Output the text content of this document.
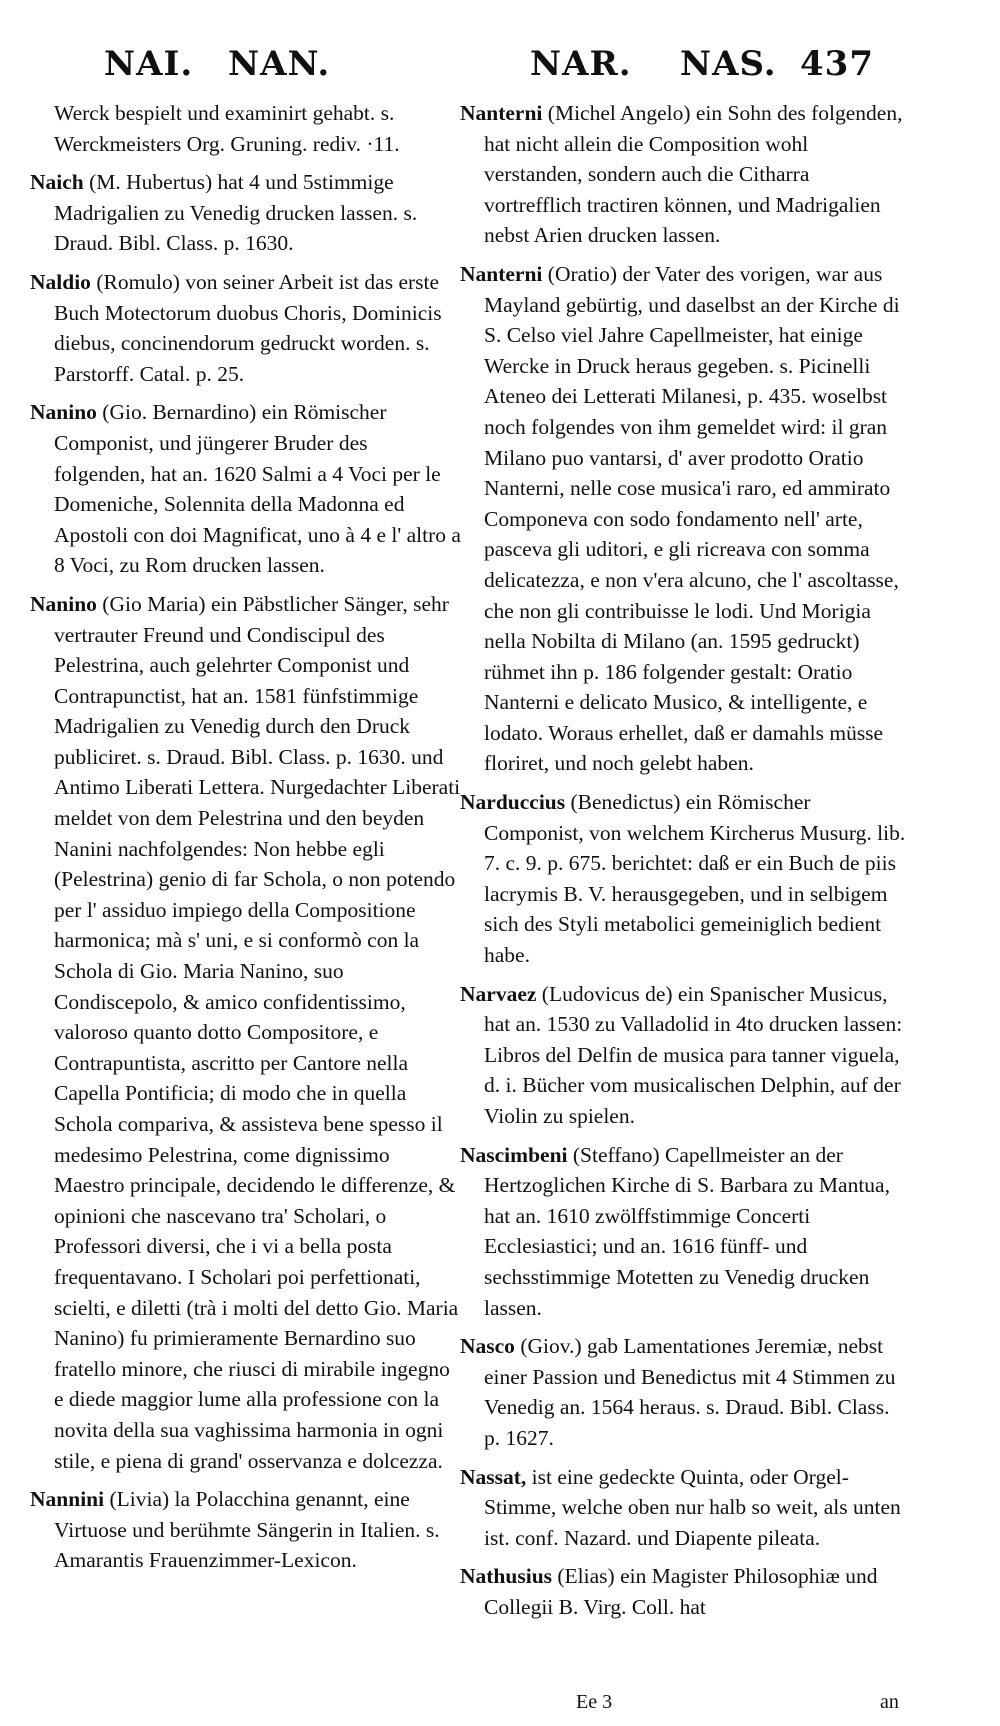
NAI. NAN.	NAR. NAS. 437

Werck bespielt und examinirt gehabt. s. Werckmeisters Org. Gruning. rediv. ·11.

Naich (M. Hubertus) hat 4 und 5stimmige Madrigalien zu Venedig drucken lassen. s. Draud. Bibl. Class. p. 1630.

Naldio (Romulo) von seiner Arbeit ist das erste Buch Motectorum duobus Choris, Dominicis diebus, concinendorum gedruckt worden. s. Parstorff. Catal. p. 25.

Nanino (Gio. Bernardino) ein Römischer Componist, und jüngerer Bruder des folgenden, hat an. 1620 Salmi a 4 Voci per le Domeniche, Solennita della Madonna ed Apostoli con doi Magnificat, uno à 4 e l' altro a 8 Voci, zu Rom drucken lassen.

Nanino (Gio Maria) ein Päbstlicher Sänger, sehr vertrauter Freund und Condiscipul des Pelestrina, auch gelehrter Componist und Contrapunctist, hat an. 1581 fünfstimmige Madrigalien zu Venedig durch den Druck publiciret. s. Draud. Bibl. Class. p. 1630. und Antimo Liberati Lettera. Nurgedachter Liberati meldet von dem Pelestrina und den beyden Nanini nachfolgendes: Non hebbe egli (Pelestrina) genio di far Schola, o non potendo per l' assiduo impiego della Compositione harmonica; mà s' uni, e si conformò con la Schola di Gio. Maria Nanino, suo Condiscepolo, & amico confidentissimo, valoroso quanto dotto Compositore, e Contrapuntista, ascritto per Cantore nella Capella Pontificia; di modo che in quella Schola compariva, & assisteva bene spesso il medesimo Pelestrina, come dignissimo Maestro principale, decidendo le differenze, & opinioni che nascevano tra' Scholari, o Professori diversi, che i vi a bella posta frequentavano. I Scholari poi perfettionati, scielti, e diletti (trà i molti del detto Gio. Maria Nanino) fu primieramente Bernardino suo fratello minore, che riusci di mirabile ingegno e diede maggior lume alla professione con la novita della sua vaghissima harmonia in ogni stile, e piena di grand' osservanza e dolcezza.

Nannini (Livia) la Polacchina genannt, eine Virtuose und berühmte Sängerin in Italien. s. Amarantis Frauenzimmer-Lexicon.

Nanterni (Michel Angelo) ein Sohn des folgenden, hat nicht allein die Composition wohl verstanden, sondern auch die Citharra vortrefflich tractiren können, und Madrigalien nebst Arien drucken lassen.

Nanterni (Oratio) der Vater des vorigen, war aus Mayland gebürtig, und daselbst an der Kirche di S. Celso viel Jahre Capellmeister, hat einige Wercke in Druck heraus gegeben. s. Picinelli Ateneo dei Letterati Milanesi, p. 435. woselbst noch folgendes von ihm gemeldet wird: il gran Milano puo vantarsi, d' aver prodotto Oratio Nanterni, nelle cose musica'i raro, ed ammirato Componeva con sodo fondamento nell' arte, pasceva gli uditori, e gli ricreava con somma delicatezza, e non v'era alcuno, che l' ascoltasse, che non gli contribuisse le lodi. Und Morigia nella Nobilta di Milano (an. 1595 gedruckt) rühmet ihn p. 186 folgender gestalt: Oratio Nanterni e delicato Musico, & intelligente, e lodato. Woraus erhellet, daß er damahls müsse floriret, und noch gelebt haben.

Narduccius (Benedictus) ein Römischer Componist, von welchem Kircherus Musurg. lib. 7. c. 9. p. 675. berichtet: daß er ein Buch de piis lacrymis B. V. herausgegeben, und in selbigem sich des Styli metabolici gemeiniglich bedient habe.

Narvaez (Ludovicus de) ein Spanischer Musicus, hat an. 1530 zu Valladolid in 4to drucken lassen: Libros del Delfin de musica para tanner viguela, d. i. Bücher vom musicalischen Delphin, auf der Violin zu spielen.

Nascimbeni (Steffano) Capellmeister an der Hertzoglichen Kirche di S. Barbara zu Mantua, hat an. 1610 zwölffstimmige Concerti Ecclesiastici; und an. 1616 fünff- und sechsstimmige Motetten zu Venedig drucken lassen.

Nasco (Giov.) gab Lamentationes Jeremiæ, nebst einer Passion und Benedictus mit 4 Stimmen zu Venedig an. 1564 heraus. s. Draud. Bibl. Class. p. 1627.

Nassat, ist eine gedeckte Quinta, oder Orgel-Stimme, welche oben nur halb so weit, als unten ist. conf. Nazard. und Diapente pileata.

Nathusius (Elias) ein Magister Philosophiæ und Collegii B. Virg. Coll. hat

Ee 3	an
